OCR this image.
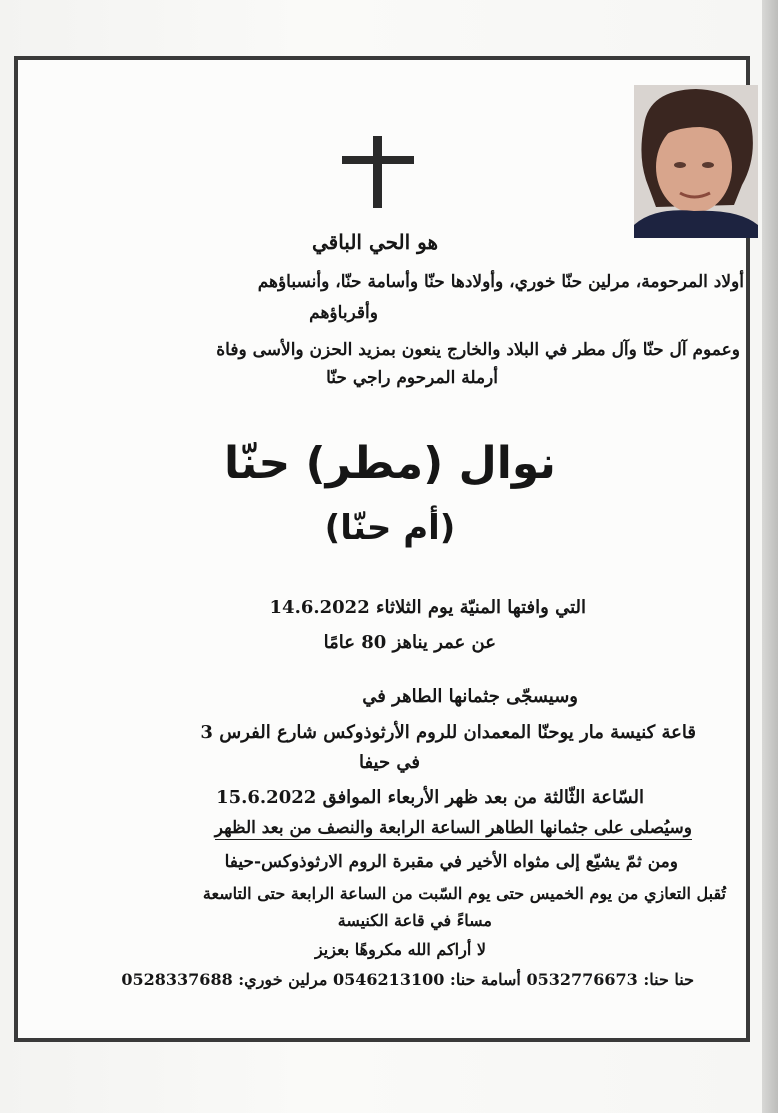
هو الحي الباقي
أولاد المرحومة، مرلين حنّا خوري، وأولادها حنّا وأسامة حنّا، وأنسباؤهم
وأقرباؤهم
وعموم آل حنّا وآل مطر في البلاد والخارج ينعون بمزيد الحزن والأسى وفاة
أرملة المرحوم راجي حنّا
نوال (مطر) حنّا
(أم حنّا)
التي وافتها المنيّة يوم الثلاثاء 14.6.2022
عن عمر يناهز 80 عامًا
وسيسجّى جثمانها الطاهر في
قاعة كنيسة مار يوحنّا المعمدان للروم الأرثوذوكس شارع الفرس 3
في حيفا
السّاعة الثّالثة من بعد ظهر الأربعاء الموافق 15.6.2022
وسيُصلى على جثمانها الطاهر الساعة الرابعة والنصف من بعد الظهر
ومن ثمّ يشيّع إلى مثواه الأخير في مقبرة الروم الارثوذوكس-حيفا
تُقبل التعازي من يوم الخميس حتى يوم السّبت من الساعة الرابعة حتى التاسعة
مساءً في قاعة الكنيسة
لا أراكم الله مكروهًا بعزيز
حنا حنا: 0532776673 أسامة حنا: 0546213100 مرلين خوري: 0528337688
